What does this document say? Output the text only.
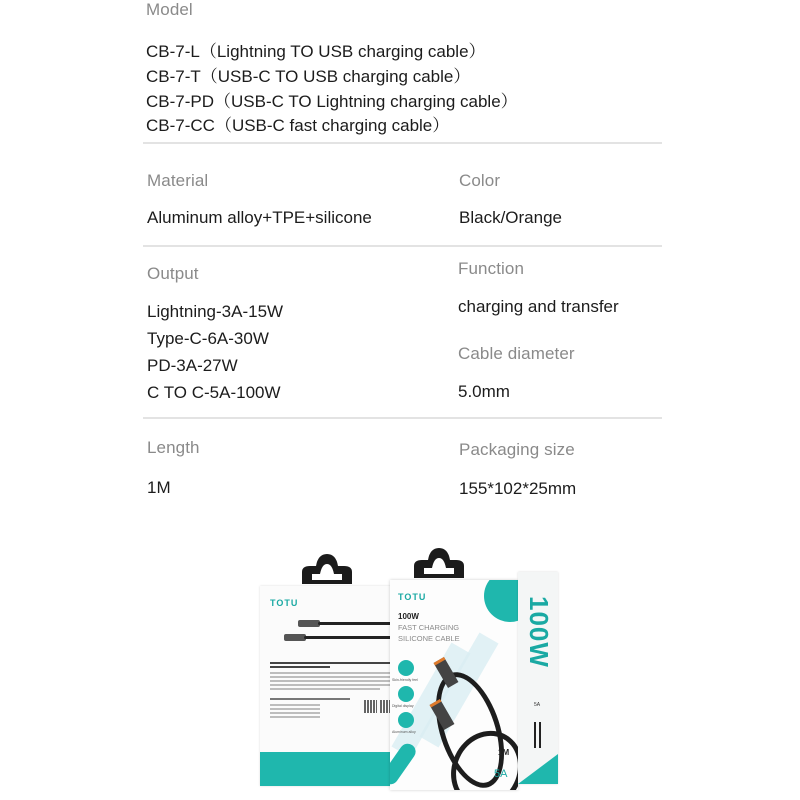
Model
CB-7-L（Lightning TO USB charging cable）
CB-7-T（USB-C TO USB charging cable）
CB-7-PD（USB-C TO Lightning charging cable）
CB-7-CC（USB-C fast charging cable）
Material
Aluminum alloy+TPE+silicone
Color
Black/Orange
Output
Lightning-3A-15W
Type-C-6A-30W
PD-3A-27W
C TO C-5A-100W
Function
charging and transfer
Cable diameter
5.0mm
Length
1M
Packaging size
155*102*25mm
TOTU
TOTU
100W
FAST CHARGING
SILICONE CABLE
Skin-friendly feel
Digital display
Aluminum alloy
1M
5A
100W
5A
